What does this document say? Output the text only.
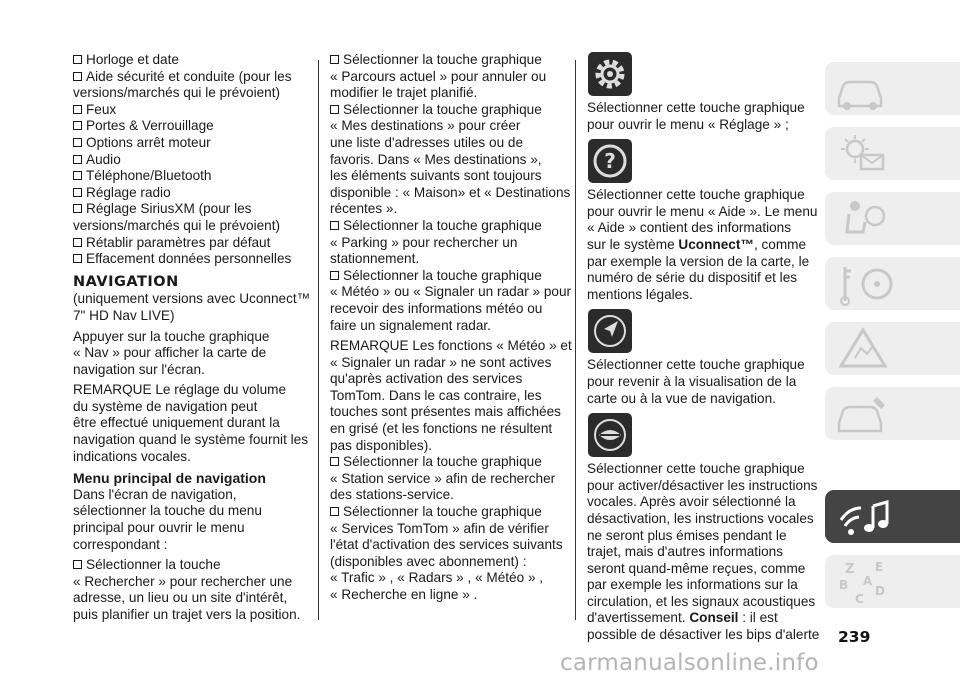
Horloge et date
Aide sécurité et conduite (pour les
versions/marchés qui le prévoient)
Feux
Portes & Verrouillage
Options arrêt moteur
Audio
Téléphone/Bluetooth
Réglage radio
Réglage SiriusXM (pour les
versions/marchés qui le prévoient)
Rétablir paramètres par défaut
Effacement données personnelles
NAVIGATION
(uniquement versions avec Uconnect™
7" HD Nav LIVE)
Appuyer sur la touche graphique
« Nav » pour afficher la carte de
navigation sur l'écran.
REMARQUE Le réglage du volume
du système de navigation peut
être effectué uniquement durant la
navigation quand le système fournit les
indications vocales.
Menu principal de navigation
Dans l'écran de navigation,
sélectionner la touche du menu
principal pour ouvrir le menu
correspondant :
Sélectionner la touche
« Rechercher » pour rechercher une
adresse, un lieu ou un site d'intérêt,
puis planifier un trajet vers la position.
Sélectionner la touche graphique
« Parcours actuel » pour annuler ou
modifier le trajet planifié.
Sélectionner la touche graphique
« Mes destinations » pour créer
une liste d'adresses utiles ou de
favoris. Dans « Mes destinations »,
les éléments suivants sont toujours
disponible : « Maison» et « Destinations
récentes ».
Sélectionner la touche graphique
« Parking » pour rechercher un
stationnement.
Sélectionner la touche graphique
« Météo » ou « Signaler un radar » pour
recevoir des informations météo ou
faire un signalement radar.
REMARQUE Les fonctions « Météo » et
« Signaler un radar » ne sont actives
qu'après activation des services
TomTom. Dans le cas contraire, les
touches sont présentes mais affichées
en grisé (et les fonctions ne résultent
pas disponibles).
Sélectionner la touche graphique
« Station service » afin de rechercher
des stations-service.
Sélectionner la touche graphique
« Services TomTom » afin de vérifier
l'état d'activation des services suivants
(disponibles avec abonnement) :
« Trafic » , « Radars » , « Météo » ,
« Recherche en ligne » .
Sélectionner cette touche graphique
pour ouvrir le menu « Réglage » ;
?
Sélectionner cette touche graphique
pour ouvrir le menu « Aide ». Le menu
« Aide » contient des informations
sur le système Uconnect™, comme
par exemple la version de la carte, le
numéro de série du dispositif et les
mentions légales.
Sélectionner cette touche graphique
pour revenir à la visualisation de la
carte ou à la vue de navigation.
Sélectionner cette touche graphique
pour activer/désactiver les instructions
vocales. Après avoir sélectionné la
désactivation, les instructions vocales
ne seront plus émises pendant le
trajet, mais d'autres informations
seront quand-même reçues, comme
par exemple les informations sur la
circulation, et les signaux acoustiques
d'avertissement. Conseil : il est
possible de désactiver les bips d'alerte
Z E
B
C
D
A
239
carmanualsonline.info
